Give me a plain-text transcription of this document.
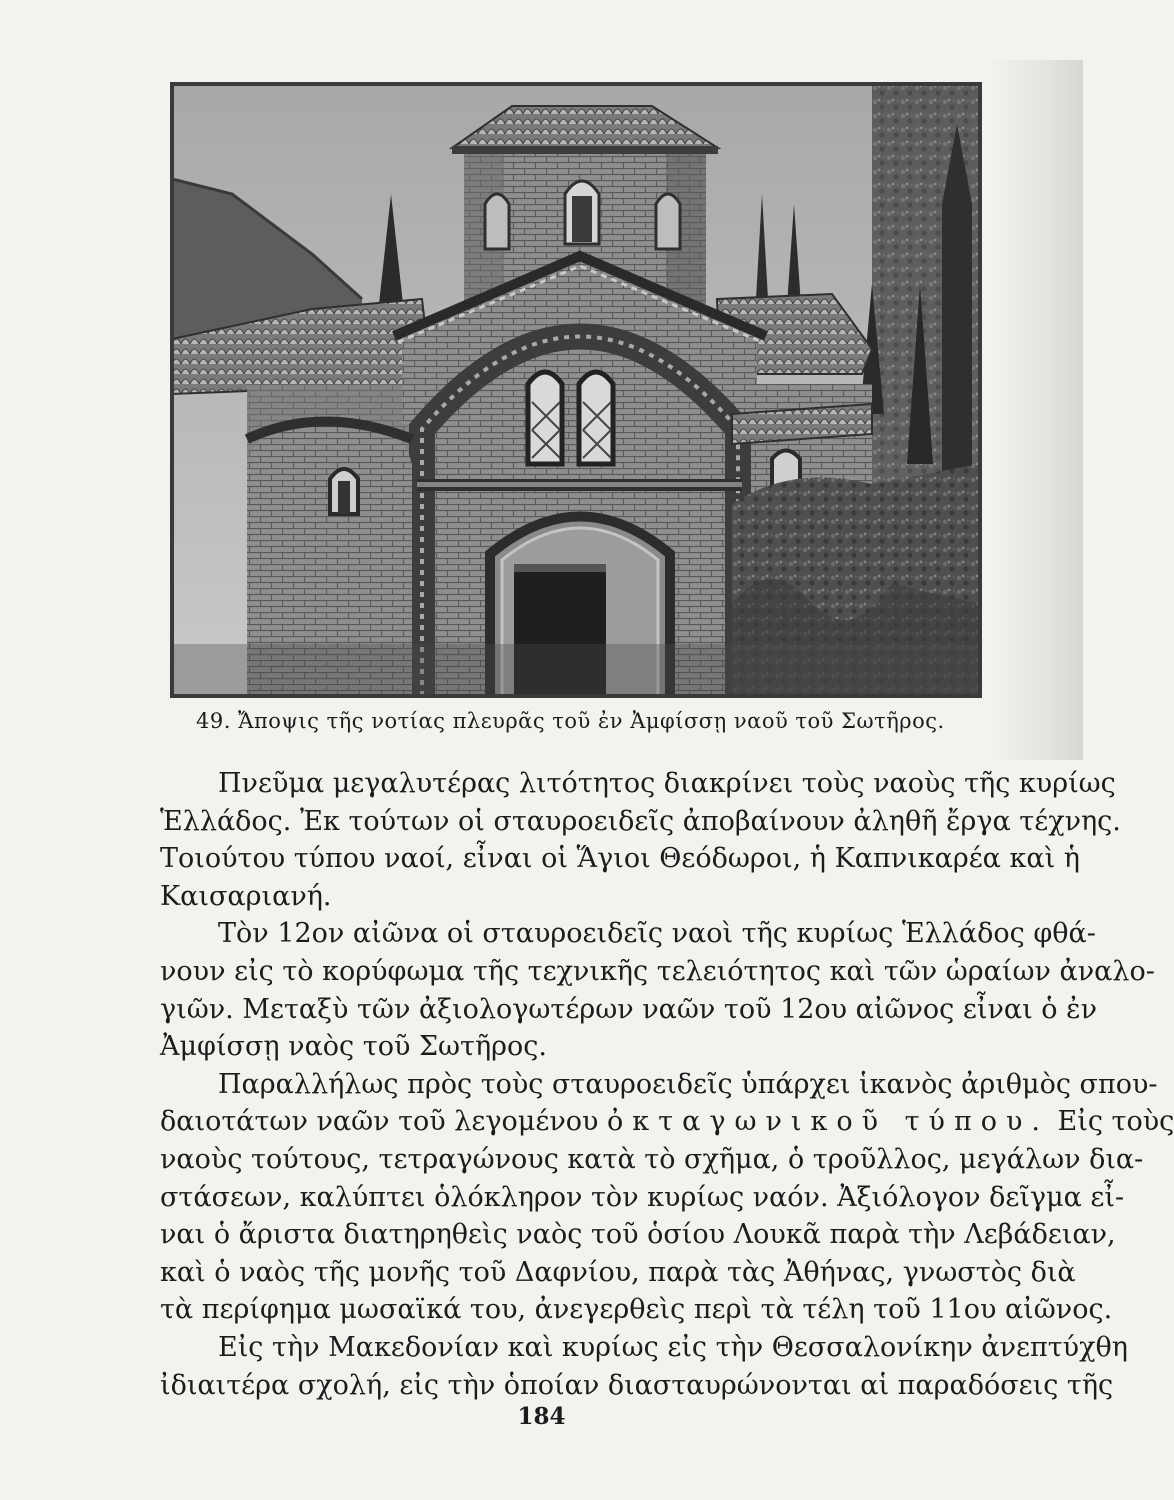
49. Ἄποψις τῆς νοτίας πλευρᾶς τοῦ ἐν Ἀμφίσσῃ ναοῦ τοῦ Σωτῆρος.

Πνεῦμα μεγαλυτέρας λιτότητος διακρίνει τοὺς ναοὺς τῆς κυρίως
Ἑλλάδος. Ἐκ τούτων οἱ σταυροειδεῖς ἀποβαίνουν ἀληθῆ ἔργα τέχνης.
Τοιούτου τύπου ναοί, εἶναι οἱ Ἅγιοι Θεόδωροι, ἡ Καπνικαρέα καὶ ἡ
Καισαριανή.

Τὸν 12ον αἰῶνα οἱ σταυροειδεῖς ναοὶ τῆς κυρίως Ἑλλάδος φθά-
νουν εἰς τὸ κορύφωμα τῆς τεχνικῆς τελειότητος καὶ τῶν ὡραίων ἀναλο-
γιῶν. Μεταξὺ τῶν ἀξιολογωτέρων ναῶν τοῦ 12ου αἰῶνος εἶναι ὁ ἐν
Ἀμφίσσῃ ναὸς τοῦ Σωτῆρος.

Παραλλήλως πρὸς τοὺς σταυροειδεῖς ὑπάρχει ἱκανὸς ἀριθμὸς σπου-
δαιοτάτων ναῶν τοῦ λεγομένου ὀκταγωνικοῦ τύπου. Εἰς τοὺς
ναοὺς τούτους, τετραγώνους κατὰ τὸ σχῆμα, ὁ τροῦλλος, μεγάλων δια-
στάσεων, καλύπτει ὁλόκληρον τὸν κυρίως ναόν. Ἀξιόλογον δεῖγμα εἶ-
ναι ὁ ἄριστα διατηρηθεὶς ναὸς τοῦ ὁσίου Λουκᾶ παρὰ τὴν Λεβάδειαν,
καὶ ὁ ναὸς τῆς μονῆς τοῦ Δαφνίου, παρὰ τὰς Ἀθήνας, γνωστὸς διὰ
τὰ περίφημα μωσαϊκά του, ἀνεγερθεὶς περὶ τὰ τέλη τοῦ 11ου αἰῶνος.

Εἰς τὴν Μακεδονίαν καὶ κυρίως εἰς τὴν Θεσσαλονίκην ἀνεπτύχθη
ἰδιαιτέρα σχολή, εἰς τὴν ὁποίαν διασταυρώνονται αἱ παραδόσεις τῆς

184
